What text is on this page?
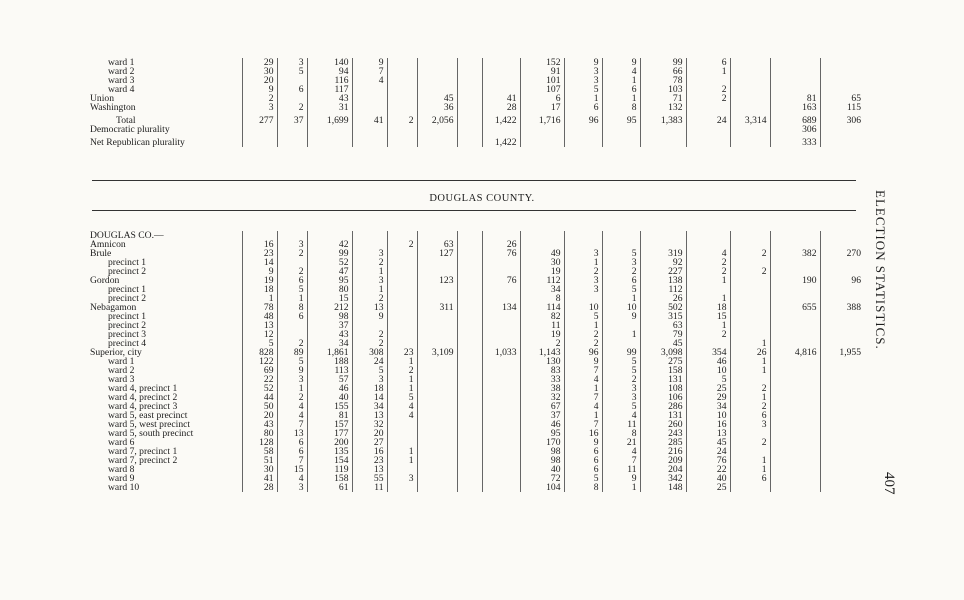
ward 1	29	3	140	9					152	9	9	99	6			
ward 2	30	5	94	7					91	3	4	66	1			
ward 3	20		116	4					101	3	1	78				
ward 4	9	6	117						107	5	6	103	2			
Union	2		43			45		41	6	1	1	71	2		81	65
Washington	3	2	31			36		28	17	6	8	132			163	115

Total	277	37	1,699	41	2	2,056		1,422	1,716	96	95	1,383	24	3,314	689	306
Democratic plurality															306	

Net Republican plurality								1,422							333	
DOUGLAS COUNTY.
DOUGLAS CO.—																
Amnicon	16	3	42		2	63		26								
Brule	23	2	99	3		127		76	49	3	5	319	4	2	382	270
precinct 1	14		52	2					30	1	3	92	2			
precinct 2	9	2	47	1					19	2	2	227	2	2		
Gordon	19	6	95	3		123		76	112	3	6	138	1		190	96
precinct 1	18	5	80	1					34	3	5	112				
precinct 2	1	1	15	2					8		1	26	1			
Nebagamon	78	8	212	13		311		134	114	10	10	502	18		655	388
precinct 1	48	6	98	9					82	5	9	315	15			
precinct 2	13		37						11	1		63	1			
precinct 3	12		43	2					19	2	1	79	2			
precinct 4	5	2	34	2					2	2		45		1		
Superior, city	828	89	1,861	308	23	3,109		1,033	1,143	96	99	3,098	354	26	4,816	1,955
ward 1	122	5	188	24	1				130	9	5	275	46	1		
ward 2	69	9	113	5	2				83	7	5	158	10	1		
ward 3	22	3	57	3	1				33	4	2	131	5			
ward 4, precinct 1	52	1	46	18	1				38	1	3	108	25	2		
ward 4, precinct 2	44	2	40	14	5				32	7	3	106	29	1		
ward 4, precinct 3	50	4	155	34	4				67	4	5	286	34	2		
ward 5, east precinct	20	4	81	13	4				37	1	4	131	10	6		
ward 5, west precinct	43	7	157	32					46	7	11	260	16	3		
ward 5, south precinct	80	13	177	20					95	16	8	243	13			
ward 6	128	6	200	27					170	9	21	285	45	2		
ward 7, precinct 1	58	6	135	16	1				98	6	4	216	24			
ward 7, precinct 2	51	7	154	23	1				98	6	7	209	76	1		
ward 8	30	15	119	13					40	6	11	204	22	1		
ward 9	41	4	158	55	3				72	5	9	342	40	6		
ward 10	28	3	61	11					104	8	1	148	25			
ELECTION STATISTICS.
407
